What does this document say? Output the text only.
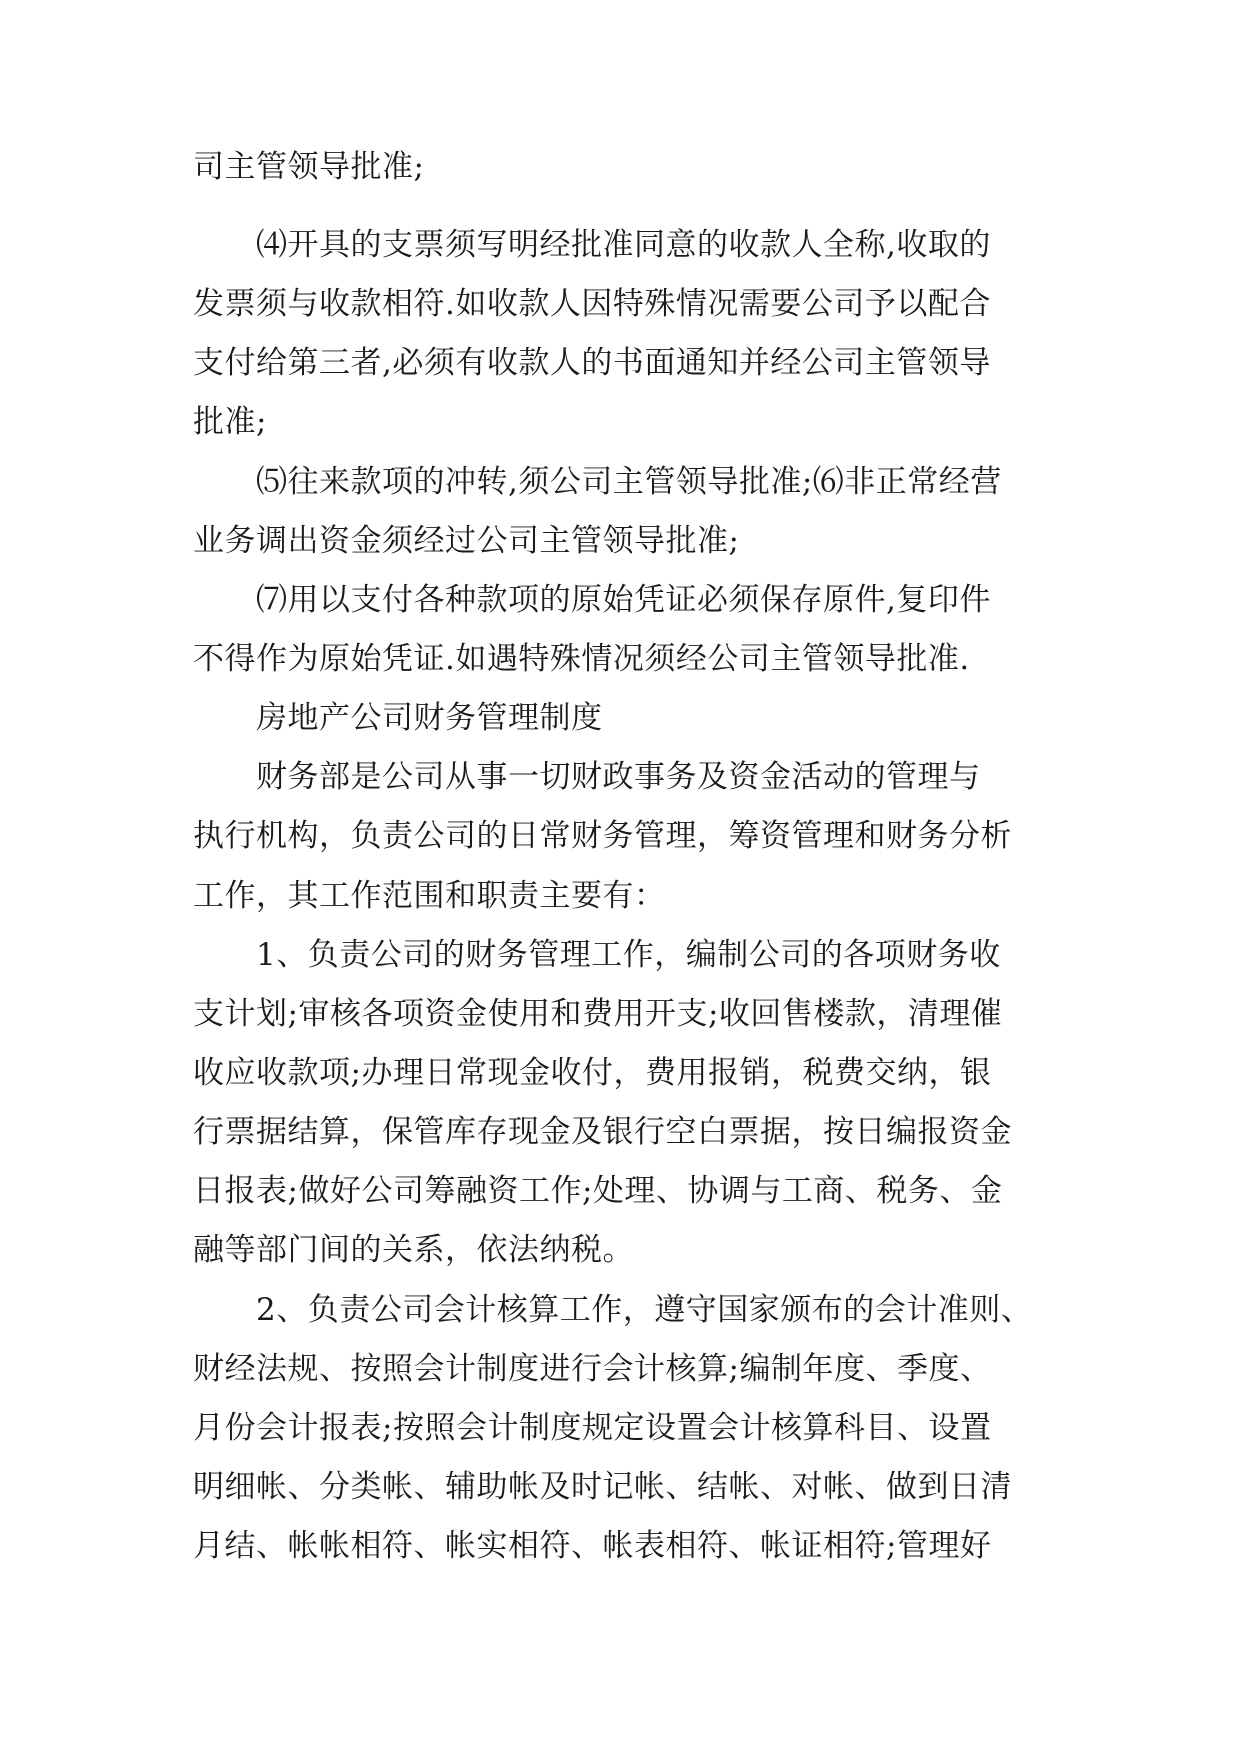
司主管领导批准;
⑷开具的支票须写明经批准同意的收款人全称,收取的
发票须与收款相符.如收款人因特殊情况需要公司予以配合
支付给第三者,必须有收款人的书面通知并经公司主管领导
批准;
⑸往来款项的冲转,须公司主管领导批准;⑹非正常经营
业务调出资金须经过公司主管领导批准;
⑺用以支付各种款项的原始凭证必须保存原件,复印件
不得作为原始凭证.如遇特殊情况须经公司主管领导批准.
房地产公司财务管理制度
财务部是公司从事一切财政事务及资金活动的管理与
执行机构，负责公司的日常财务管理，筹资管理和财务分析
工作，其工作范围和职责主要有：
1、负责公司的财务管理工作，编制公司的各项财务收
支计划;审核各项资金使用和费用开支;收回售楼款，清理催
收应收款项;办理日常现金收付，费用报销，税费交纳，银
行票据结算，保管库存现金及银行空白票据，按日编报资金
日报表;做好公司筹融资工作;处理、协调与工商、税务、金
融等部门间的关系，依法纳税。
2、负责公司会计核算工作，遵守国家颁布的会计准则、
财经法规、按照会计制度进行会计核算;编制年度、季度、
月份会计报表;按照会计制度规定设置会计核算科目、设置
明细帐、分类帐、辅助帐及时记帐、结帐、对帐、做到日清
月结、帐帐相符、帐实相符、帐表相符、帐证相符;管理好
